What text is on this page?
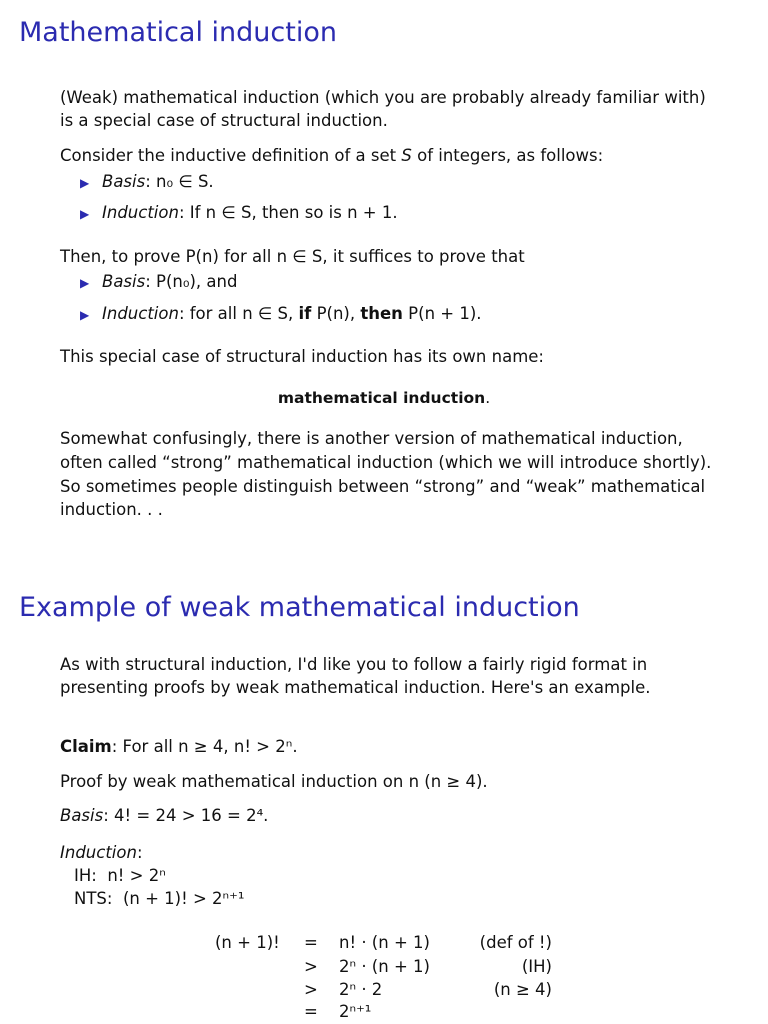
Mathematical induction
(Weak) mathematical induction (which you are probably already familiar with)
is a special case of structural induction.
Consider the inductive definition of a set S of integers, as follows:
▶ Basis: n₀ ∈ S.
▶ Induction: If n ∈ S, then so is n + 1.
Then, to prove P(n) for all n ∈ S, it suffices to prove that
▶ Basis: P(n₀), and
▶ Induction: for all n ∈ S, if P(n), then P(n + 1).
This special case of structural induction has its own name:
mathematical induction.
Somewhat confusingly, there is another version of mathematical induction,
often called “strong” mathematical induction (which we will introduce shortly).
So sometimes people distinguish between “strong” and “weak” mathematical
induction. . .
Example of weak mathematical induction
As with structural induction, I'd like you to follow a fairly rigid format in
presenting proofs by weak mathematical induction. Here's an example.
Claim: For all n ≥ 4, n! > 2ⁿ.
Proof by weak mathematical induction on n (n ≥ 4).
Basis: 4! = 24 > 16 = 2⁴.
Induction:
IH: n! > 2ⁿ
NTS: (n + 1)! > 2ⁿ⁺¹
(n + 1)! = n! · (n + 1)	(def of !)
> 2ⁿ · (n + 1)	(IH)
> 2ⁿ · 2	(n ≥ 4)
= 2ⁿ⁺¹
